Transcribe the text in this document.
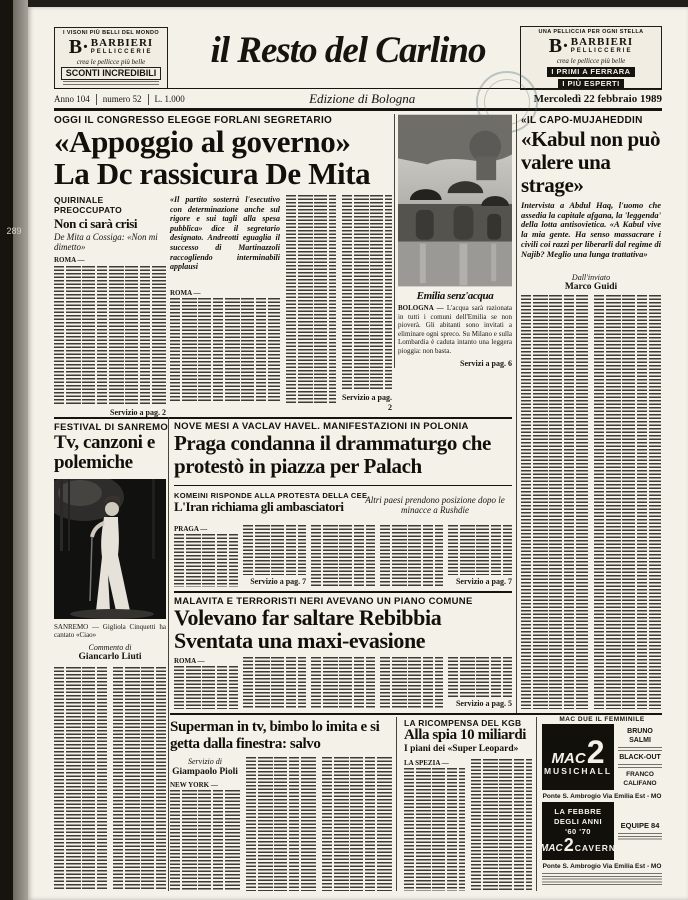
289
I VISONI PIÙ BELLI DEL MONDO
B· BARBIERI
PELLICCERIE
crea le pellicce più belle
SCONTI INCREDIBILI
il Resto del Carlino	UNA PELLICCIA PER OGNI STELLA
B· BARBIERI
PELLICCERIE
crea le pellicce più belle
I PRIMI A FERRARA
I PIÙ ESPERTI
Anno 104	numero 52	L. 1.000	Edizione di Bologna	Mercoledì 22 febbraio 1989
OGGI IL CONGRESSO ELEGGE FORLANI SEGRETARIO
«Appoggio al governo»
La Dc rassicura De Mita
QUIRINALE PREOCCUPATO
Non ci sarà crisi
De Mita a Cossiga: «Non mi dimetto»
ROMA —
Servizio a pag. 2
«Il partito sosterrà l'esecutivo con determinazione anche sul rigore e sui tagli alla spesa pubblica» dice il segretario designato. Andreotti eguaglia il successo di Martinazzoli raccogliendo interminabili applausi
ROMA —
Servizio a pag. 2
Emilia senz'acqua

BOLOGNA — L'acqua sarà razionata in tutti i comuni dell'Emilia se non pioverà. Gli abitanti sono invitati a eliminare ogni spreco. Su Milano e sulla Lombardia è caduta intanto una leggera pioggia: non basta.

Servizi a pag. 6
«IL CAPO-MUJAHEDDIN
«Kabul non può valere una strage»
Intervista a Abdul Haq, l'uomo che assedia la capitale afgana, la 'leggenda' della lotta antisovietica. «A Kabul vive la mia gente. Ha senso massacrare i civili coi razzi per liberarli dal regime di Najib? Meglio una lunga trattativa»
Dall'inviato
Marco Guidi
FESTIVAL DI SANREMO
Tv, canzoni e polemiche
SANREMO — Gigliola Cinquetti ha cantato «Ciao»
Commento di
Giancarlo Liuti
NOVE MESI A VACLAV HAVEL. MANIFESTAZIONI IN POLONIA
Praga condanna il drammaturgo che protestò in piazza per Palach
KOMEINI RISPONDE ALLA PROTESTA DELLA CEE
L'Iran richiama gli ambasciatori	Altri paesi prendono posizione dopo le minacce a Rushdie
PRAGA —
Servizio a pag. 7	Servizio a pag. 7
MALAVITA E TERRORISTI NERI AVEVANO UN PIANO COMUNE
Volevano far saltare Rebibbia
Sventata una maxi-evasione
ROMA —
Servizio a pag. 5
Superman in tv, bimbo lo imita e si getta dalla finestra: salvo
Servizio di
Giampaolo Pioli
NEW YORK —
LA RICOMPENSA DEL KGB
Alla spia 10 miliardi
I piani dei «Super Leopard»
LA SPEZIA —
MAC DUE IL FEMMINILE
MAC 2
MUSICHALL
BRUNO SALMI
BLACK-OUT
FRANCO CALIFANO
Ponte S. Ambrogio Via Emilia Est - MO
LA FEBBRE
DEGLI ANNI
'60 '70
MAC 2 CAVERN
EQUIPE 84
Ponte S. Ambrogio Via Emilia Est - MO
